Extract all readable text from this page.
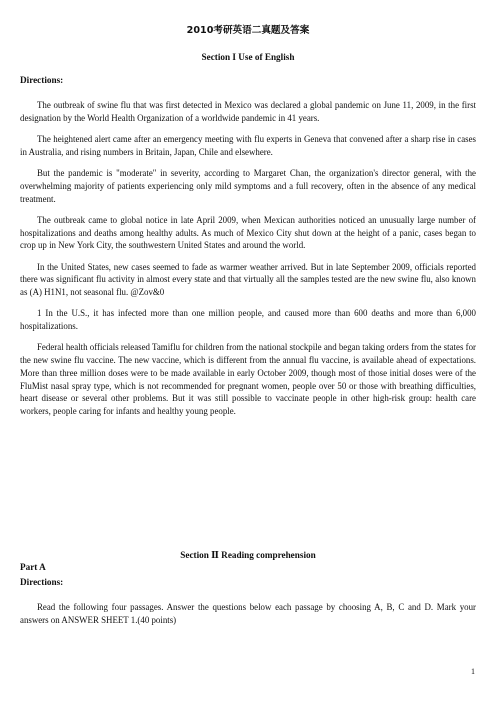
2010考研英语二真题及答案
Section I Use of English
Directions:

The outbreak of swine flu that was first detected in Mexico was declared a global pandemic on June 11, 2009, in the first designation by the World Health Organization of a worldwide pandemic in 41 years.

The heightened alert came after an emergency meeting with flu experts in Geneva that convened after a sharp rise in cases in Australia, and rising numbers in Britain, Japan, Chile and elsewhere.

But the pandemic is "moderate" in severity, according to Margaret Chan, the organization's director general, with the overwhelming majority of patients experiencing only mild symptoms and a full recovery, often in the absence of any medical treatment.

The outbreak came to global notice in late April 2009, when Mexican authorities noticed an unusually large number of hospitalizations and deaths among healthy adults. As much of Mexico City shut down at the height of a panic, cases began to crop up in New York City, the southwestern United States and around the world.

In the United States, new cases seemed to fade as warmer weather arrived. But in late September 2009, officials reported there was significant flu activity in almost every state and that virtually all the samples tested are the new swine flu, also known as (A) H1N1, not seasonal flu. @Zov&0

1 In the U.S., it has infected more than one million people, and caused more than 600 deaths and more than 6,000 hospitalizations.

Federal health officials released Tamiflu for children from the national stockpile and began taking orders from the states for the new swine flu vaccine. The new vaccine, which is different from the annual flu vaccine, is available ahead of expectations. More than three million doses were to be made available in early October 2009, though most of those initial doses were of the FluMist nasal spray type, which is not recommended for pregnant women, people over 50 or those with breathing difficulties, heart disease or several other problems. But it was still possible to vaccinate people in other high-risk group: health care workers, people caring for infants and healthy young people.

Section Ⅱ Reading comprehension
Part A
Directions:

Read the following four passages. Answer the questions below each passage by choosing A, B, C and D. Mark your answers on ANSWER SHEET 1.(40 points)

1
